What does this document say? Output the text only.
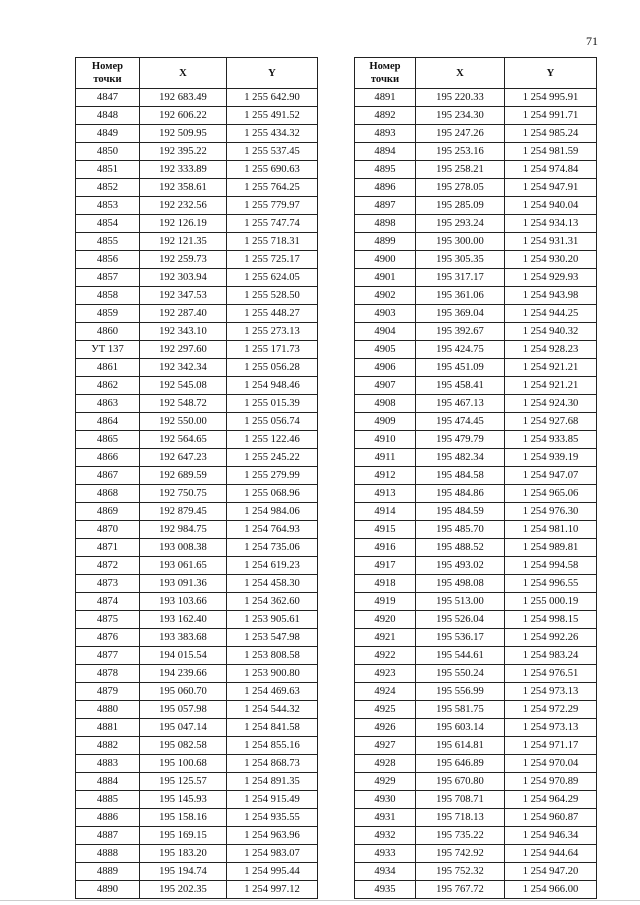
71
Номер
точки	X	Y
4847	192 683.49	1 255 642.90
4848	192 606.22	1 255 491.52
4849	192 509.95	1 255 434.32
4850	192 395.22	1 255 537.45
4851	192 333.89	1 255 690.63
4852	192 358.61	1 255 764.25
4853	192 232.56	1 255 779.97
4854	192 126.19	1 255 747.74
4855	192 121.35	1 255 718.31
4856	192 259.73	1 255 725.17
4857	192 303.94	1 255 624.05
4858	192 347.53	1 255 528.50
4859	192 287.40	1 255 448.27
4860	192 343.10	1 255 273.13
УТ 137	192 297.60	1 255 171.73
4861	192 342.34	1 255 056.28
4862	192 545.08	1 254 948.46
4863	192 548.72	1 255 015.39
4864	192 550.00	1 255 056.74
4865	192 564.65	1 255 122.46
4866	192 647.23	1 255 245.22
4867	192 689.59	1 255 279.99
4868	192 750.75	1 255 068.96
4869	192 879.45	1 254 984.06
4870	192 984.75	1 254 764.93
4871	193 008.38	1 254 735.06
4872	193 061.65	1 254 619.23
4873	193 091.36	1 254 458.30
4874	193 103.66	1 254 362.60
4875	193 162.40	1 253 905.61
4876	193 383.68	1 253 547.98
4877	194 015.54	1 253 808.58
4878	194 239.66	1 253 900.80
4879	195 060.70	1 254 469.63
4880	195 057.98	1 254 544.32
4881	195 047.14	1 254 841.58
4882	195 082.58	1 254 855.16
4883	195 100.68	1 254 868.73
4884	195 125.57	1 254 891.35
4885	195 145.93	1 254 915.49
4886	195 158.16	1 254 935.55
4887	195 169.15	1 254 963.96
4888	195 183.20	1 254 983.07
4889	195 194.74	1 254 995.44
4890	195 202.35	1 254 997.12
Номер
точки	X	Y
4891	195 220.33	1 254 995.91
4892	195 234.30	1 254 991.71
4893	195 247.26	1 254 985.24
4894	195 253.16	1 254 981.59
4895	195 258.21	1 254 974.84
4896	195 278.05	1 254 947.91
4897	195 285.09	1 254 940.04
4898	195 293.24	1 254 934.13
4899	195 300.00	1 254 931.31
4900	195 305.35	1 254 930.20
4901	195 317.17	1 254 929.93
4902	195 361.06	1 254 943.98
4903	195 369.04	1 254 944.25
4904	195 392.67	1 254 940.32
4905	195 424.75	1 254 928.23
4906	195 451.09	1 254 921.21
4907	195 458.41	1 254 921.21
4908	195 467.13	1 254 924.30
4909	195 474.45	1 254 927.68
4910	195 479.79	1 254 933.85
4911	195 482.34	1 254 939.19
4912	195 484.58	1 254 947.07
4913	195 484.86	1 254 965.06
4914	195 484.59	1 254 976.30
4915	195 485.70	1 254 981.10
4916	195 488.52	1 254 989.81
4917	195 493.02	1 254 994.58
4918	195 498.08	1 254 996.55
4919	195 513.00	1 255 000.19
4920	195 526.04	1 254 998.15
4921	195 536.17	1 254 992.26
4922	195 544.61	1 254 983.24
4923	195 550.24	1 254 976.51
4924	195 556.99	1 254 973.13
4925	195 581.75	1 254 972.29
4926	195 603.14	1 254 973.13
4927	195 614.81	1 254 971.17
4928	195 646.89	1 254 970.04
4929	195 670.80	1 254 970.89
4930	195 708.71	1 254 964.29
4931	195 718.13	1 254 960.87
4932	195 735.22	1 254 946.34
4933	195 742.92	1 254 944.64
4934	195 752.32	1 254 947.20
4935	195 767.72	1 254 966.00
